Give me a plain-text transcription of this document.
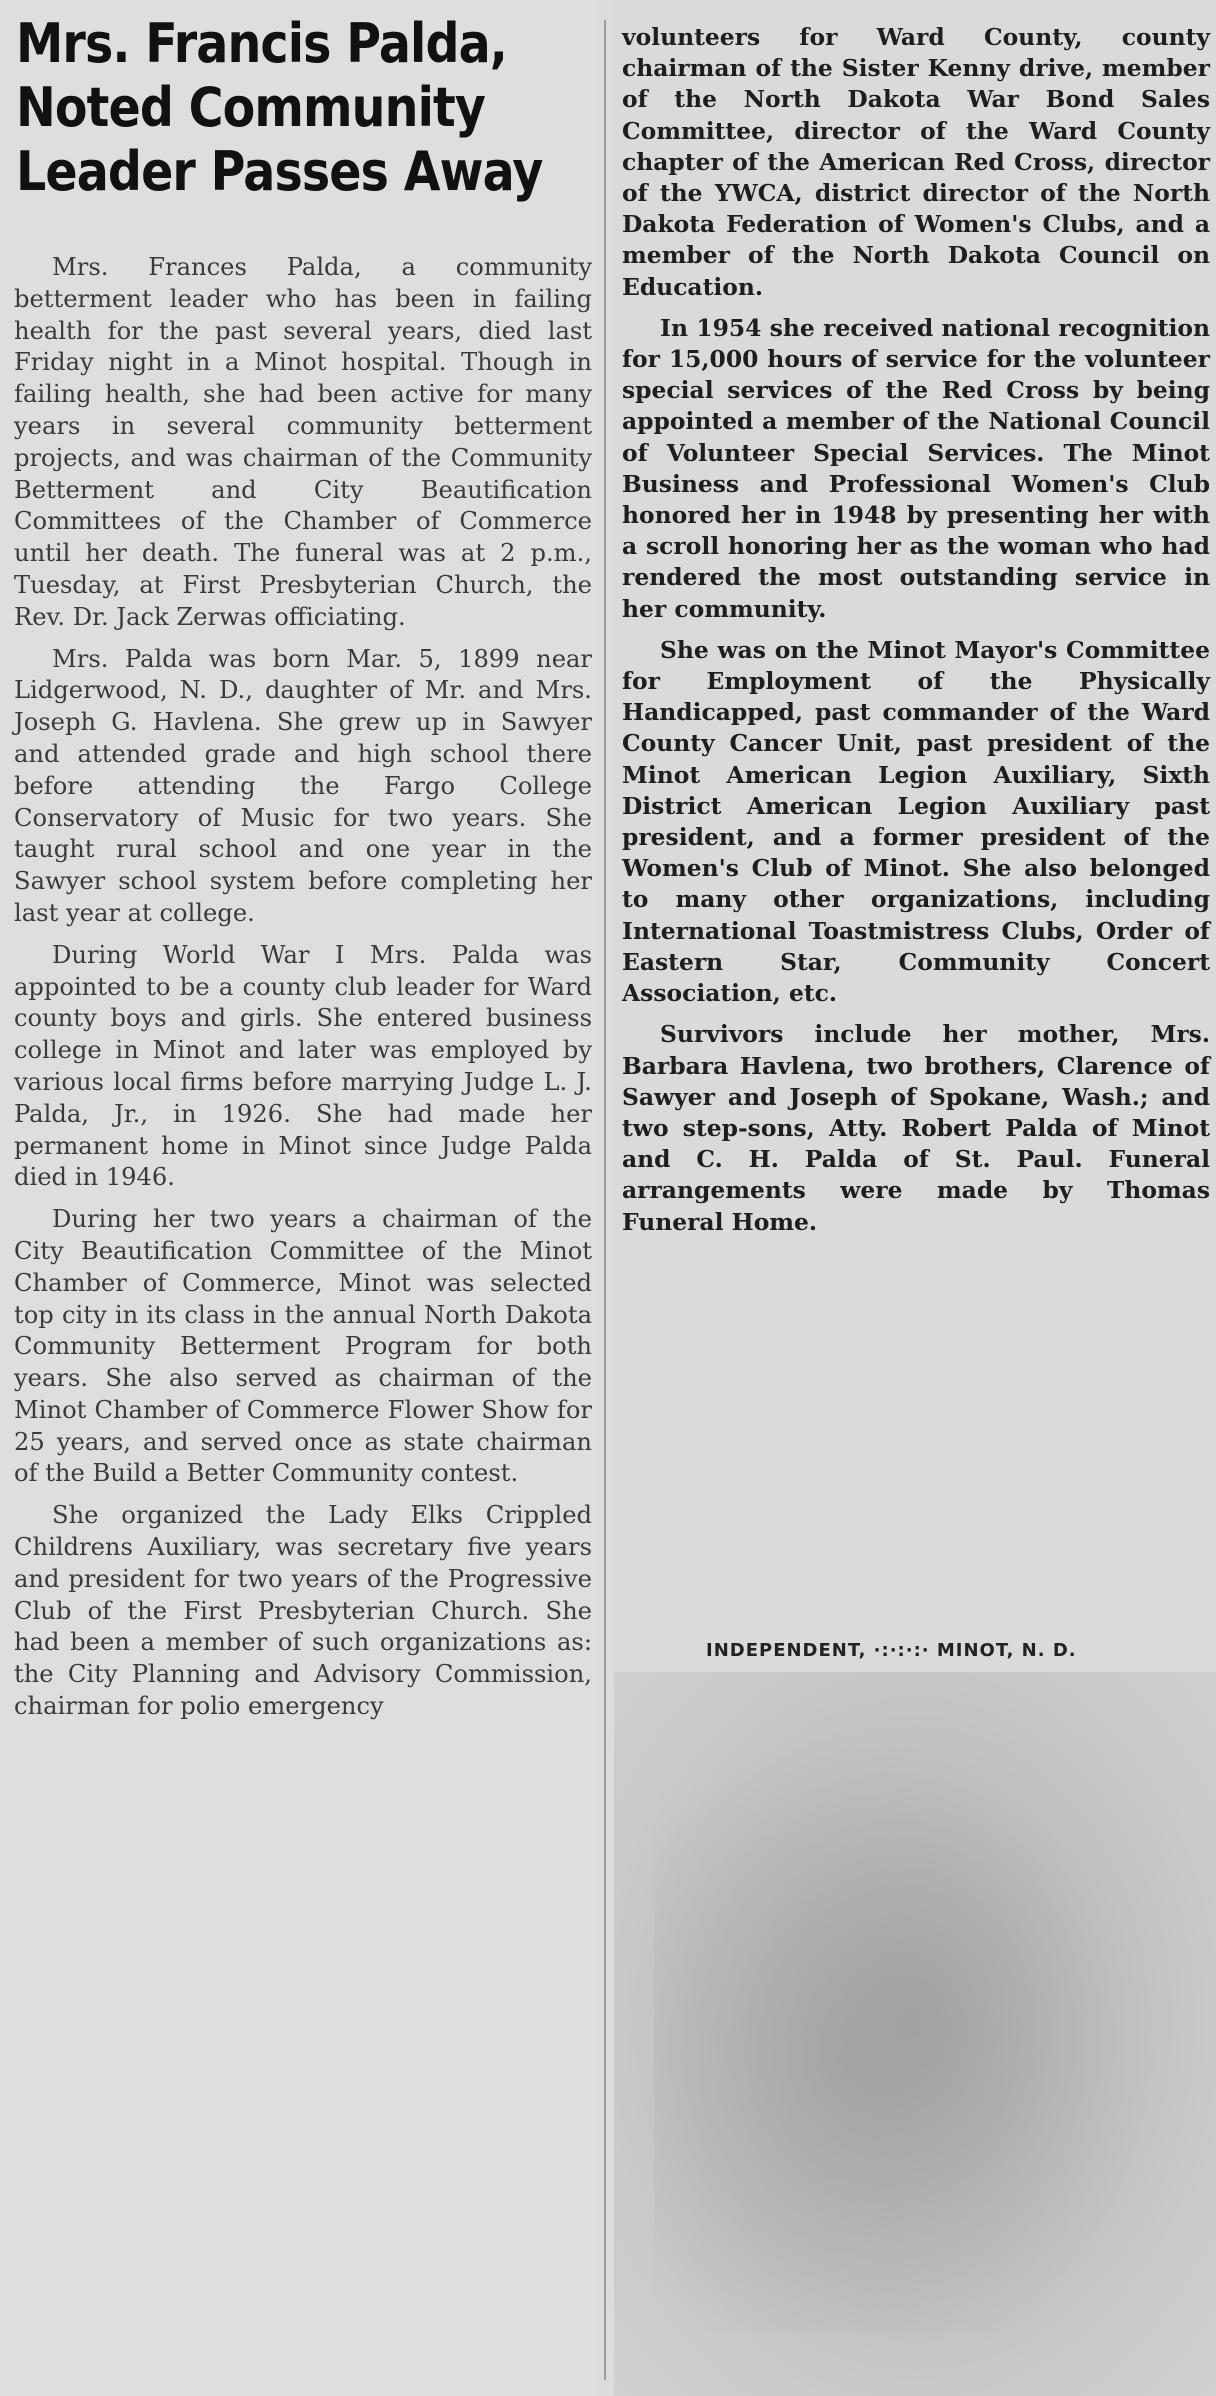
Mrs. Francis Palda,
Noted Community
Leader Passes Away

Mrs. Frances Palda, a community betterment leader who has been in failing health for the past several years, died last Friday night in a Minot hospital. Though in failing health, she had been active for many years in several community betterment projects, and was chairman of the Community Betterment and City Beautification Committees of the Chamber of Commerce until her death. The funeral was at 2 p.m., Tuesday, at First Presbyterian Church, the Rev. Dr. Jack Zerwas officiating.

Mrs. Palda was born Mar. 5, 1899 near Lidgerwood, N. D., daughter of Mr. and Mrs. Joseph G. Havlena. She grew up in Sawyer and attended grade and high school there before attending the Fargo College Conservatory of Music for two years. She taught rural school and one year in the Sawyer school system before completing her last year at college.

During World War I Mrs. Palda was appointed to be a county club leader for Ward county boys and girls. She entered business college in Minot and later was employed by various local firms before marrying Judge L. J. Palda, Jr., in 1926. She had made her permanent home in Minot since Judge Palda died in 1946.

During her two years a chairman of the City Beautification Committee of the Minot Chamber of Commerce, Minot was selected top city in its class in the annual North Dakota Community Betterment Program for both years. She also served as chairman of the Minot Chamber of Commerce Flower Show for 25 years, and served once as state chairman of the Build a Better Community contest.

She organized the Lady Elks Crippled Childrens Auxiliary, was secretary five years and president for two years of the Progressive Club of the First Presbyterian Church. She had been a member of such organizations as: the City Planning and Advisory Commission, chairman for polio emergency

volunteers for Ward County, county chairman of the Sister Kenny drive, member of the North Dakota War Bond Sales Committee, director of the Ward County chapter of the American Red Cross, director of the YWCA, district director of the North Dakota Federation of Women's Clubs, and a member of the North Dakota Council on Education.

In 1954 she received national recognition for 15,000 hours of service for the volunteer special services of the Red Cross by being appointed a member of the National Council of Volunteer Special Services. The Minot Business and Professional Women's Club honored her in 1948 by presenting her with a scroll honoring her as the woman who had rendered the most outstanding service in her community.

She was on the Minot Mayor's Committee for Employment of the Physically Handicapped, past commander of the Ward County Cancer Unit, past president of the Minot American Legion Auxiliary, Sixth District American Legion Auxiliary past president, and a former president of the Women's Club of Minot. She also belonged to many other organizations, including International Toastmistress Clubs, Order of Eastern Star, Community Concert Association, etc.

Survivors include her mother, Mrs. Barbara Havlena, two brothers, Clarence of Sawyer and Joseph of Spokane, Wash.; and two step-sons, Atty. Robert Palda of Minot and C. H. Palda of St. Paul. Funeral arrangements were made by Thomas Funeral Home.

INDEPENDENT, ·:·:·:· MINOT, N. D.
